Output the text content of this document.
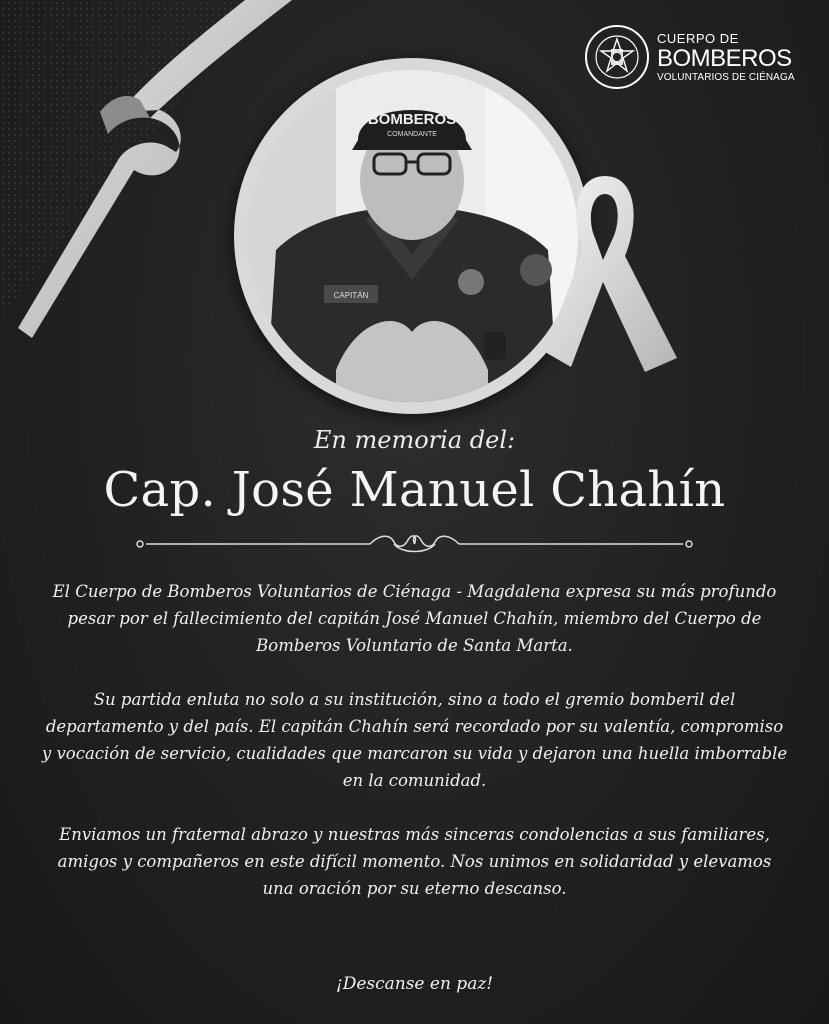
CUERPO DE
BOMBEROS
VOLUNTARIOS DE CIÉNAGA
CAPITÁN
BOMBEROS
COMANDANTE
En memoria del:
Cap. José Manuel Chahín

El Cuerpo de Bomberos Voluntarios de Ciénaga - Magdalena expresa su más profundo pesar por el fallecimiento del capitán José Manuel Chahín, miembro del Cuerpo de Bomberos Voluntario de Santa Marta.

Su partida enluta no solo a su institución, sino a todo el gremio bomberil del departamento y del país. El capitán Chahín será recordado por su valentía, compromiso y vocación de servicio, cualidades que marcaron su vida y dejaron una huella imborrable en la comunidad.

Enviamos un fraternal abrazo y nuestras más sinceras condolencias a sus familiares, amigos y compañeros en este difícil momento. Nos unimos en solidaridad y elevamos una oración por su eterno descanso.

¡Descanse en paz!
